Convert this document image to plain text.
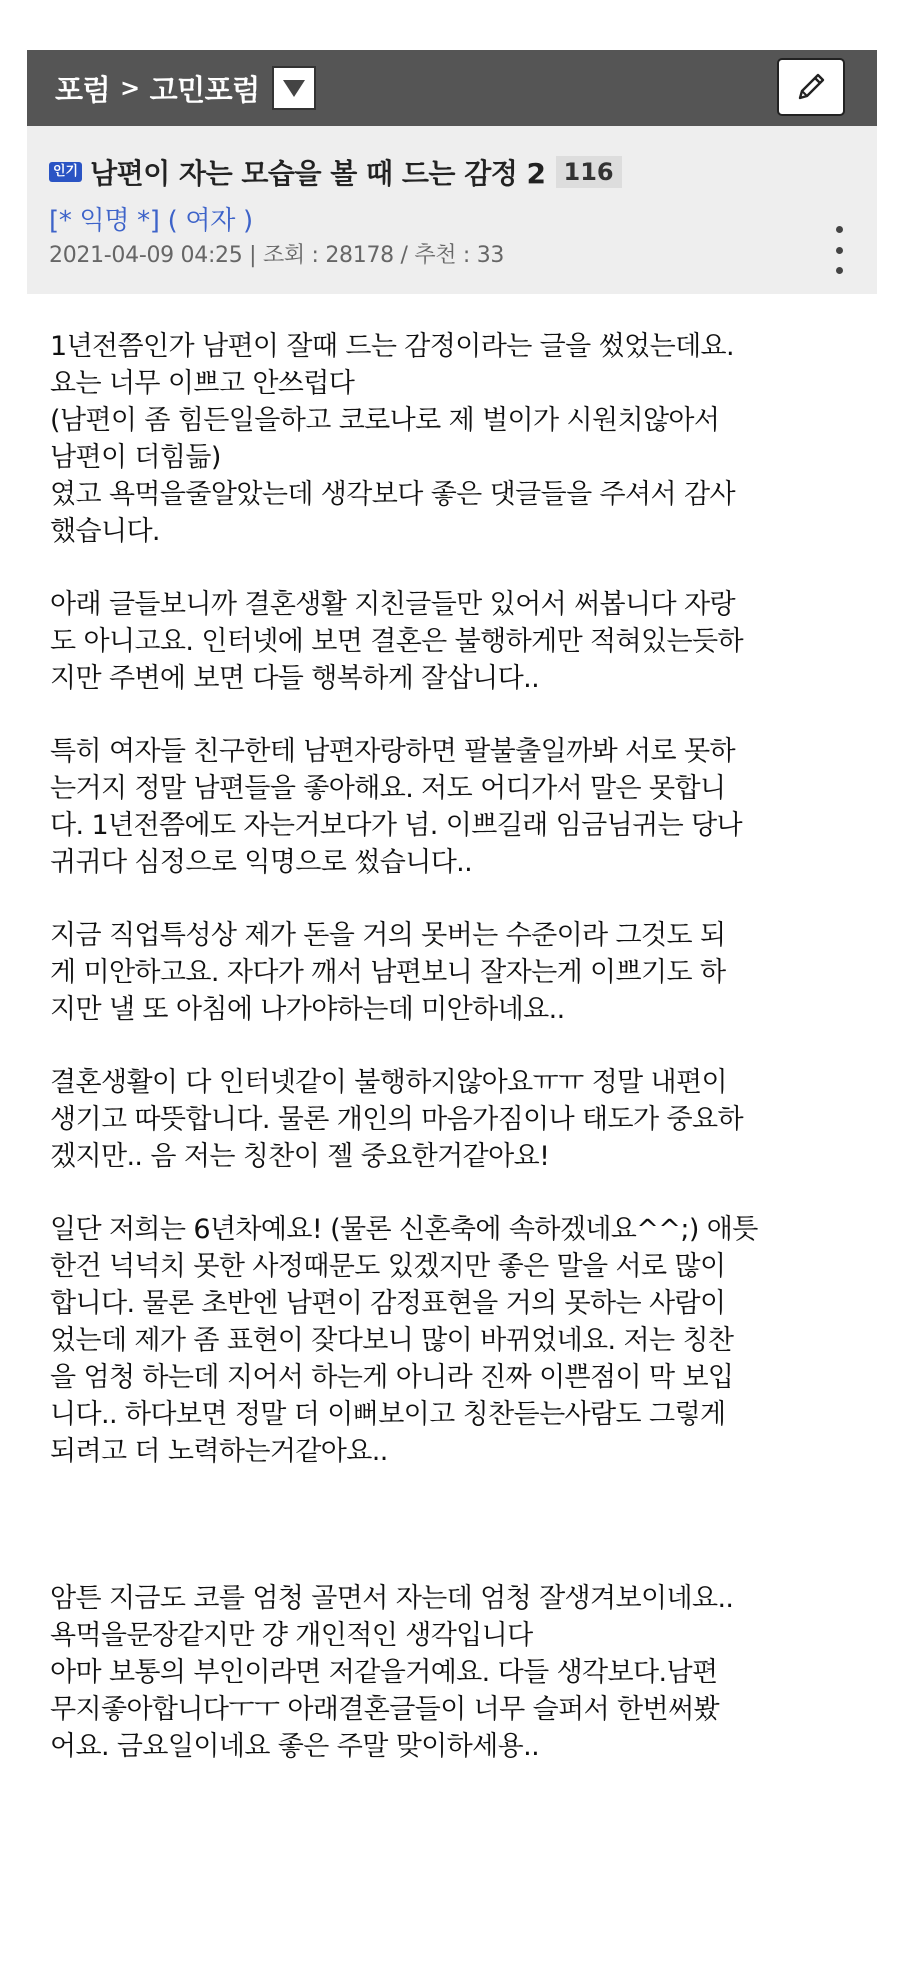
포럼 > 고민포럼
인기 남편이 자는 모습을 볼 때 드는 감정 2 116
[* 익명 *] ( 여자 )
2021-04-09 04:25 | 조회 : 28178 / 추천 : 33
1년전쯤인가 남편이 잘때 드는 감정이라는 글을 썼었는데요.
요는 너무 이쁘고 안쓰럽다
(남편이 좀 힘든일을하고 코로나로 제 벌이가 시원치않아서
남편이 더힘듦)
였고 욕먹을줄알았는데 생각보다 좋은 댓글들을 주셔서 감사
했습니다.
아래 글들보니까 결혼생활 지친글들만 있어서 써봅니다 자랑
도 아니고요. 인터넷에 보면 결혼은 불행하게만 적혀있는듯하
지만 주변에 보면 다들 행복하게 잘삽니다..
특히 여자들 친구한테 남편자랑하면 팔불출일까봐 서로 못하
는거지 정말 남편들을 좋아해요. 저도 어디가서 말은 못합니
다. 1년전쯤에도 자는거보다가 넘. 이쁘길래 임금님귀는 당나
귀귀다 심정으로 익명으로 썼습니다..
지금 직업특성상 제가 돈을 거의 못버는 수준이라 그것도 되
게 미안하고요. 자다가 깨서 남편보니 잘자는게 이쁘기도 하
지만 낼 또 아침에 나가야하는데 미안하네요..
결혼생활이 다 인터넷같이 불행하지않아요ㅠㅠ 정말 내편이
생기고 따뜻합니다. 물론 개인의 마음가짐이나 태도가 중요하
겠지만.. 음 저는 칭찬이 젤 중요한거같아요!
일단 저희는 6년차예요! (물론 신혼축에 속하겠네요^^;) 애틋
한건 넉넉치 못한 사정때문도 있겠지만 좋은 말을 서로 많이
합니다. 물론 초반엔 남편이 감정표현을 거의 못하는 사람이
었는데 제가 좀 표현이 잦다보니 많이 바뀌었네요. 저는 칭찬
을 엄청 하는데 지어서 하는게 아니라 진짜 이쁜점이 막 보입
니다.. 하다보면 정말 더 이뻐보이고 칭찬듣는사람도 그렇게
되려고 더 노력하는거같아요..
암튼 지금도 코를 엄청 골면서 자는데 엄청 잘생겨보이네요..
욕먹을문장같지만 걍 개인적인 생각입니다
아마 보통의 부인이라면 저같을거예요. 다들 생각보다.남편
무지좋아합니다ㅜㅜ 아래결혼글들이 너무 슬퍼서 한번써봤
어요. 금요일이네요 좋은 주말 맞이하세용..
